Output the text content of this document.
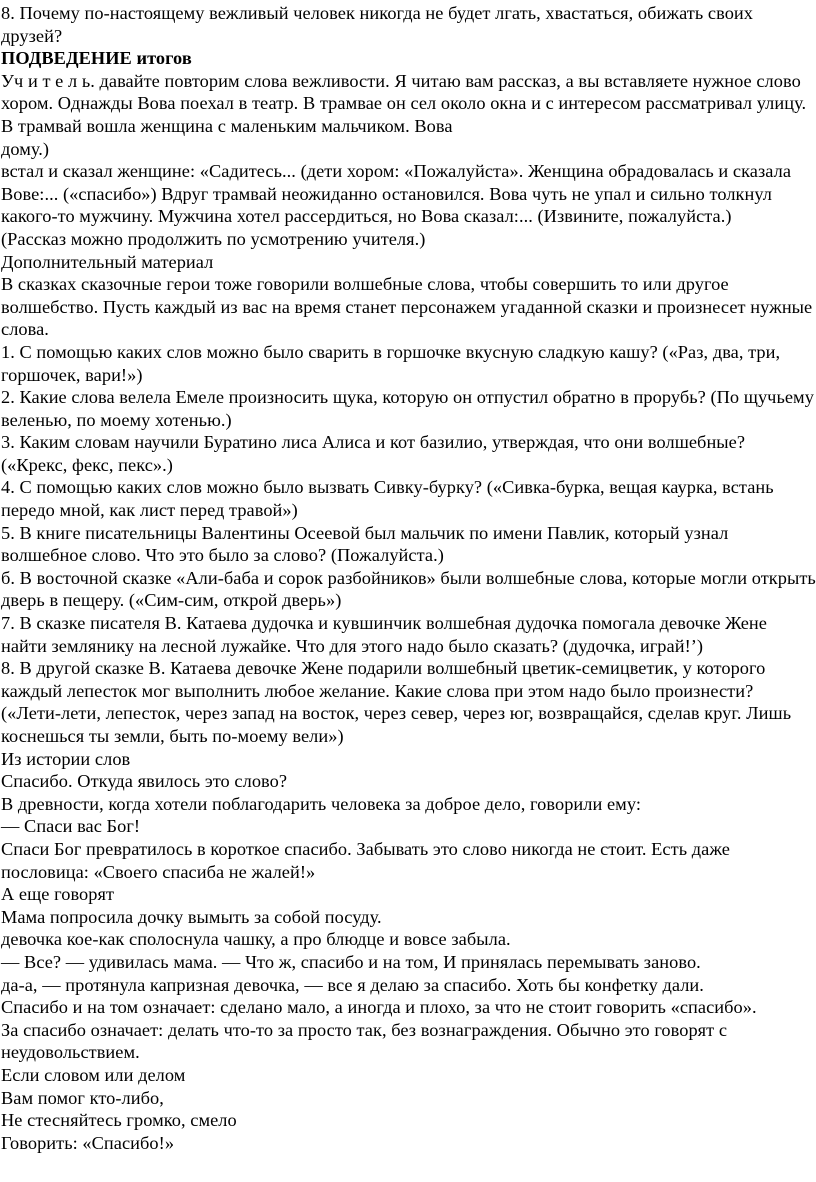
8. Почему по-настоящему вежливый человек никогда не будет лгать, хвастаться, обижать своих друзей?

ПОДВЕДЕНИЕ итогов

Уч и т е л ь. давайте повторим слова вежливости. Я читаю вам рассказ, а вы вставляете нужное слово хором. Однажды Вова поехал в театр. В трамвае он сел около окна и с интересом рассматривал улицу. В трамвай вошла женщина с маленьким мальчиком. Вова

дому.)

встал и сказал женщине: «Садитесь... (дети хором: «Пожалуйста». Женщина обрадовалась и сказала Вове:... («спасибо») Вдруг трамвай неожиданно остановился. Вова чуть не упал и сильно толкнул какого-то мужчину. Мужчина хотел рассердиться, но Вова сказал:... (Извините, пожалуйста.)

(Рассказ можно продолжить по усмотрению учителя.)

Дополнительный материал

В сказках сказочные герои тоже говорили волшебные слова, чтобы совершить то или другое волшебство. Пусть каждый из вас на время станет персонажем угаданной сказки и произнесет нужные слова.

1. С помощью каких слов можно было сварить в горшочке вкусную сладкую кашу? («Раз, два, три, горшочек, вари!»)

2. Какие слова велела Емеле произносить щука, которую он отпустил обратно в прорубь? (По щучьему веленью, по моему хотенью.)

3. Каким словам научили Буратино лиса Алиса и кот базилио, утверждая, что они волшебные? («Крекс, фекс, пекс».)

4. С помощью каких слов можно было вызвать Сивку-бурку? («Сивка-бурка, вещая каурка, встань передо мной, как лист перед травой»)

5. В книге писательницы Валентины Осеевой был мальчик по имени Павлик, который узнал волшебное слово. Что это было за слово? (Пожалуйста.)

б. В восточной сказке «Али-баба и сорок разбойников» были волшебные слова, которые могли открыть дверь в пещеру. («Сим-сим, открой дверь»)

7. В сказке писателя В. Катаева дудочка и кувшинчик волшебная дудочка помогала девочке Жене найти землянику на лесной лужайке. Что для этого надо было сказать? (дудочка, играй!’)

8. В другой сказке В. Катаева девочке Жене подарили волшебный цветик-семицветик, у которого каждый лепесток мог выполнить любое желание. Какие слова при этом надо было произнести? («Лети-лети, лепесток, через запад на восток, через север, через юг, возвращайся, сделав круг. Лишь коснешься ты земли, быть по-моему вели»)

Из истории слов

Спасибо. Откуда явилось это слово?

В древности, когда хотели поблагодарить человека за доброе дело, говорили ему:

— Спаси вас Бог!

Спаси Бог превратилось в короткое спасибо. Забывать это слово никогда не стоит. Есть даже пословица: «Своего спасиба не жалей!»

А еще говорят

Мама попросила дочку вымыть за собой посуду.

девочка кое-как сполоснула чашку, а про блюдце и вовсе забыла.

— Все? — удивилась мама. — Что ж, спасибо и на том, И принялась перемывать заново.

да-а, — протянула капризная девочка, — все я делаю за спасибо. Хоть бы конфетку дали.

Спасибо и на том означает: сделано мало, а иногда и плохо, за что не стоит говорить «спасибо».

За спасибо означает: делать что-то за просто так, без вознаграждения. Обычно это говорят с неудовольствием.

Если словом или делом

Вам помог кто-либо,

Не стесняйтесь громко, смело

Говорить: «Спасибо!»
